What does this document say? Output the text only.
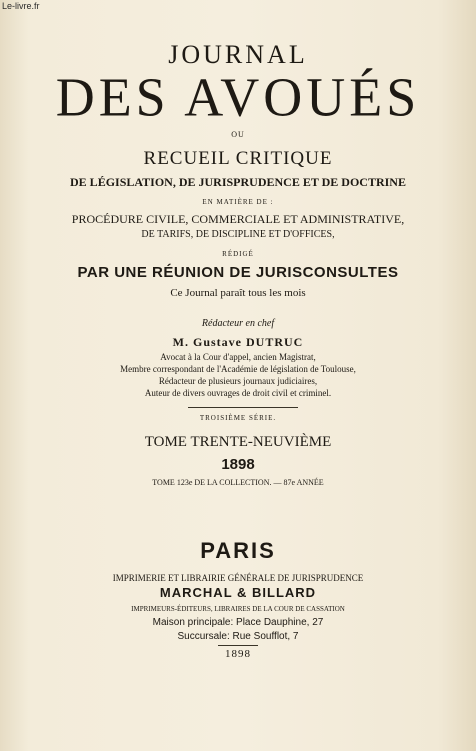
Le-livre.fr
JOURNAL
DES AVOUÉS
OU
RECUEIL CRITIQUE
DE LÉGISLATION, DE JURISPRUDENCE ET DE DOCTRINE
EN MATIÈRE DE :
PROCÉDURE CIVILE, COMMERCIALE ET ADMINISTRATIVE,
DE TARIFS, DE DISCIPLINE ET D'OFFICES,
RÉDIGÉ
PAR UNE RÉUNION DE JURISCONSULTES
Ce Journal paraît tous les mois
Rédacteur en chef
M. Gustave DUTRUC
Avocat à la Cour d'appel, ancien Magistrat,
Membre correspondant de l'Académie de législation de Toulouse,
Rédacteur de plusieurs journaux judiciaires,
Auteur de divers ouvrages de droit civil et criminel.
TROISIÈME SÉRIE.
TOME TRENTE-NEUVIÈME
1898
TOME 123e DE LA COLLECTION. — 87e ANNÉE
PARIS
IMPRIMERIE ET LIBRAIRIE GÉNÉRALE DE JURISPRUDENCE
MARCHAL & BILLARD
IMPRIMEURS-ÉDITEURS, LIBRAIRES DE LA COUR DE CASSATION
Maison principale: Place Dauphine, 27
Succursale: Rue Soufflot, 7
1898
